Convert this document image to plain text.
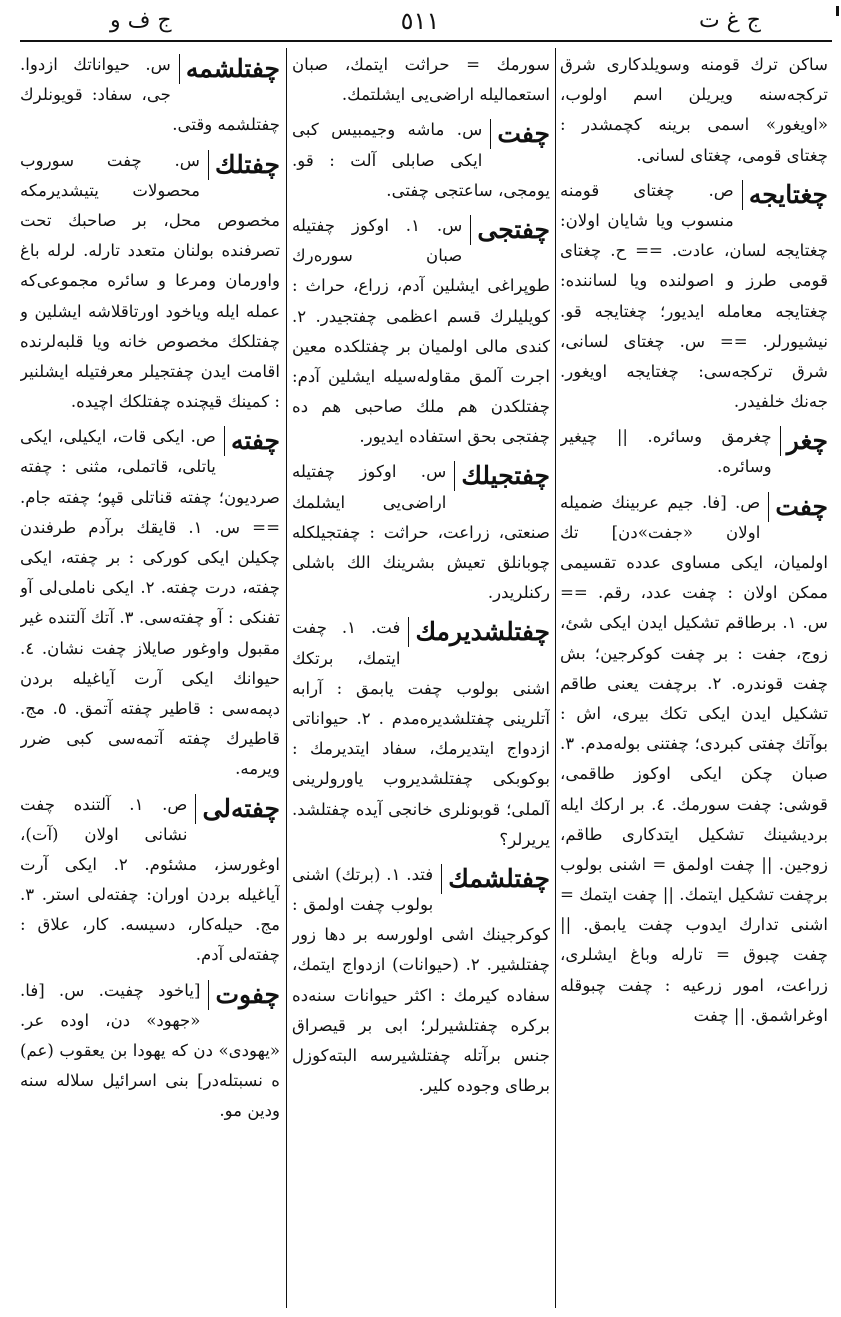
ج ف و	٥١١	ج غ ت
ساكن ترك قومنه وسويلدكارى شرق تركجه‌سنه ويريلن اسم اولوب، «اويغور» اسمى برينه كچمشدر : چغتاى قومى، چغتاى لسانى.
چغتايجه
ص. چغتاى قومنه منسوب ويا شايان اولان: چغتايجه لسان، عادت. == ح. چغتاى قومى طرز و اصولنده ويا لساننده: چغتايجه معامله ايديور؛ چغتايجه قو. نيشيورلر. == س. چغتاى لسانى، شرق تركجه‌سى: چغتايجه اويغور. جه‌نك خلفيدر.
چغر
چغرمق وسائره. || چيغير وسائره.
چفت
ص. [فا. جيم عربينك ضميله اولان «جفت»دن] تك اولميان، ايكى مساوى عدده تقسيمى ممكن اولان : چفت عدد، رقم. == س. ١. برطاقم تشكيل ايدن ايكى شئ، زوج، جفت : بر چفت كوكرجين؛ بش چفت قوندره. ٢. برچفت يعنى طاقم تشكيل ايدن ايكى تكك بيرى، اش : بوآتك چفتى كبردى؛ چفتنى بوله‌مدم. ٣. صبان چكن ايكى اوكوز طاقمى، قوشى: چفت سورمك. ٤. بر اركك ايله بردیشينك تشكيل ايتدكارى طاقم، زوجين. || چفت اولمق = اشنى بولوب برچفت تشكيل ايتمك. || چفت ايتمك = اشنى تدارك ايدوب چفت يابمق. || چفت چبوق = تارله وباغ ايشلرى، زراعت، امور زرعيه : چفت چبوقله اوغراشمق. || چفت
سورمك = حراثت ايتمك، صبان استعماليله اراضى‌يى ايشلتمك.
چفت
س. ماشه وجيمبيس كبى ايكى صابلى آلت : قو. يومجى، ساعتجى چفتى.
چفتجى
س. ١. اوكوز چفتيله صبان سوره‌رك طوپراغى ايشلين آدم، زراع، حراث : كويليلرك قسم اعظمى چفتجيدر. ٢. كندى مالى اولميان بر چفتلكده معين اجرت آلمق مقاوله‌سيله ايشلين آدم: چفتلكدن هم ملك صاحبى هم ده چفتجى بحق استفاده ايديور.
چفتجيلك
س. اوكوز چفتيله اراضى‌يى ايشلمك صنعتى، زراعت، حراثت : چفتجيلكله چوبانلق تعيش بشرينك الك باشلى ركنلريدر.
چفتلشديرمك
فت. ١. چفت ايتمك، برتكك اشنى بولوب چفت يابمق : آرابه آتلرينى چفتلشديره‌مدم . ٢. حيواناتى ازدواج ايتديرمك، سفاد ايتديرمك : بوكوبكى چفتلشديروب ياورولرينى آلملى؛ قوبونلرى خانجى آيده چفتلشد. يريرلر؟
چفتلشمك
فتد. ١. (برتك) اشنى بولوب چفت اولمق : كوكرجينك اشى اولورسه بر دها زور چفتلشير. ٢. (حيوانات) ازدواج ايتمك، سفاده كيرمك : اكثر حيوانات سنه‌ده بركره چفتلشيرلر؛ ابى بر قيصراق جنس برآتله چفتلشيرسه البته‌كوزل برطاى وجوده كلير.
چفتلشمه
س. حيواناتك ازدوا. جى، سفاد: قويونلرك چفتلشمه وقتى.
چفتلك
س. چفت سوروب محصولات يتيشديرمكه مخصوص محل، بر صاحبك تحت تصرفنده بولنان متعدد تارله. لرله باغ واورمان ومرعا و سائره مجموعى‌كه عمله ايله وياخود اورتاقلاشه ايشلين و چفتلكك مخصوص خانه ويا قلبه‌لرنده اقامت ايدن چفتجيلر معرفتيله ايشلنير : كمينك قيچنده چفتلكك اچيده.
چفته
ص. ايكى قات، ايكيلى، ايكى ياتلى، قاتملى، مثنى : چفته صرديون؛ چفته قناتلى قپو؛ چفته جام. == س. ١. قايقك برآدم طرفندن چكيلن ايكى كوركى : بر چفته، ايكى چفته، درت چفته. ٢. ايكى ناملى‌لى آو تفنكى : آو چفته‌سى. ٣. آتك آلتنده غير مقبول واوغور صايلاز چفت نشان. ٤. حيوانك ايكى آرت آياغيله بردن دپمه‌سى : قاطير چفته آتمق. ٥. مج. قاطيرك چفته آتمه‌سى كبى ضرر ويرمه.
چفته‌لى
ص. ١. آلتنده چفت نشانى اولان (آت)، اوغورسز، مشئوم. ٢. ايكى آرت آياغيله بردن اوران: چفته‌لى استر. ٣. مج. حيله‌كار، دسيسه. كار، علاق : چفته‌لى آدم.
چفوت
[ياخود چفيت. س. [فا. «جهود» دن، اوده عر. «يهودى» دن كه يهودا بن يعقوب (عم) ه نسبتله‌در] بنى اسرائيل سلاله سنه ودين مو.
